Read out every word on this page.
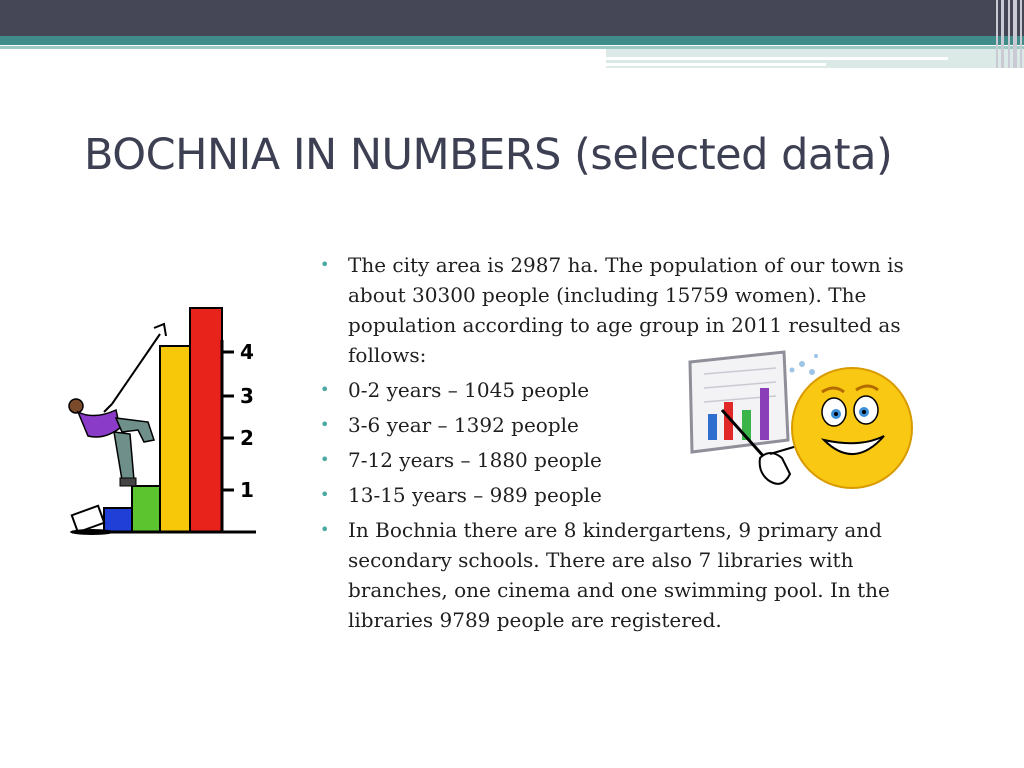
BOCHNIA IN NUMBERS (selected data)
• The city area is 2987 ha. The population of our town is about 30300 people (including 15759 women). The population according to age group in 2011 resulted as follows:
• 0-2 years – 1045 people
• 3-6 year – 1392 people
• 7-12 years – 1880 people
• 13-15 years – 989 people
• In Bochnia there are 8 kindergartens, 9 primary and secondary schools. There are also 7 libraries with branches, one cinema and one swimming pool. In the libraries 9789 people are registered.
1
2
3
4
